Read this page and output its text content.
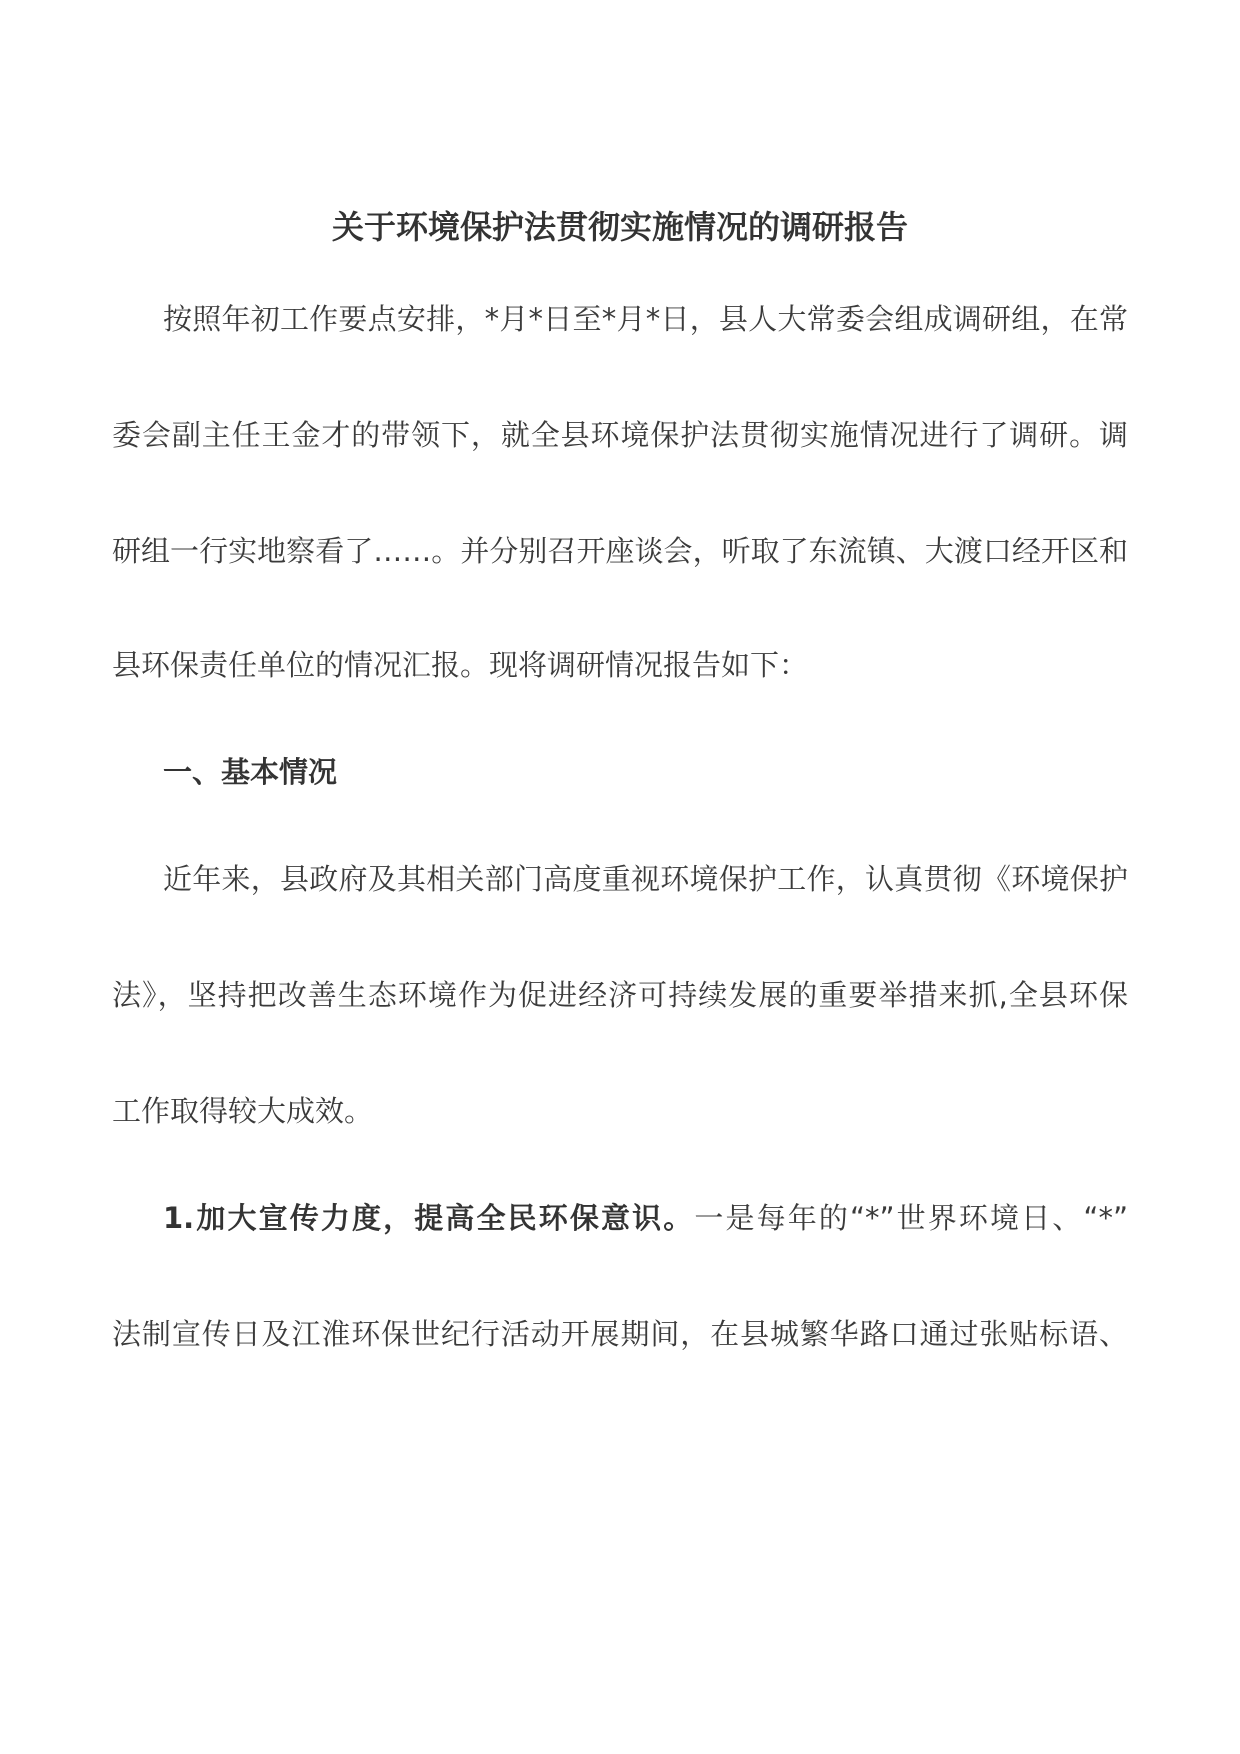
关于环境保护法贯彻实施情况的调研报告
按照年初工作要点安排，*月*日至*月*日，县人大常委会组成调研组，在常
委会副主任王金才的带领下，就全县环境保护法贯彻实施情况进行了调研。调
研组一行实地察看了……。并分别召开座谈会，听取了东流镇、大渡口经开区和
县环保责任单位的情况汇报。现将调研情况报告如下：
一、基本情况
近年来，县政府及其相关部门高度重视环境保护工作，认真贯彻《环境保护
法》，坚持把改善生态环境作为促进经济可持续发展的重要举措来抓,全县环保
工作取得较大成效。
1.加大宣传力度，提高全民环保意识。一是每年的“*”世界环境日、“*”
法制宣传日及江淮环保世纪行活动开展期间，在县城繁华路口通过张贴标语、
